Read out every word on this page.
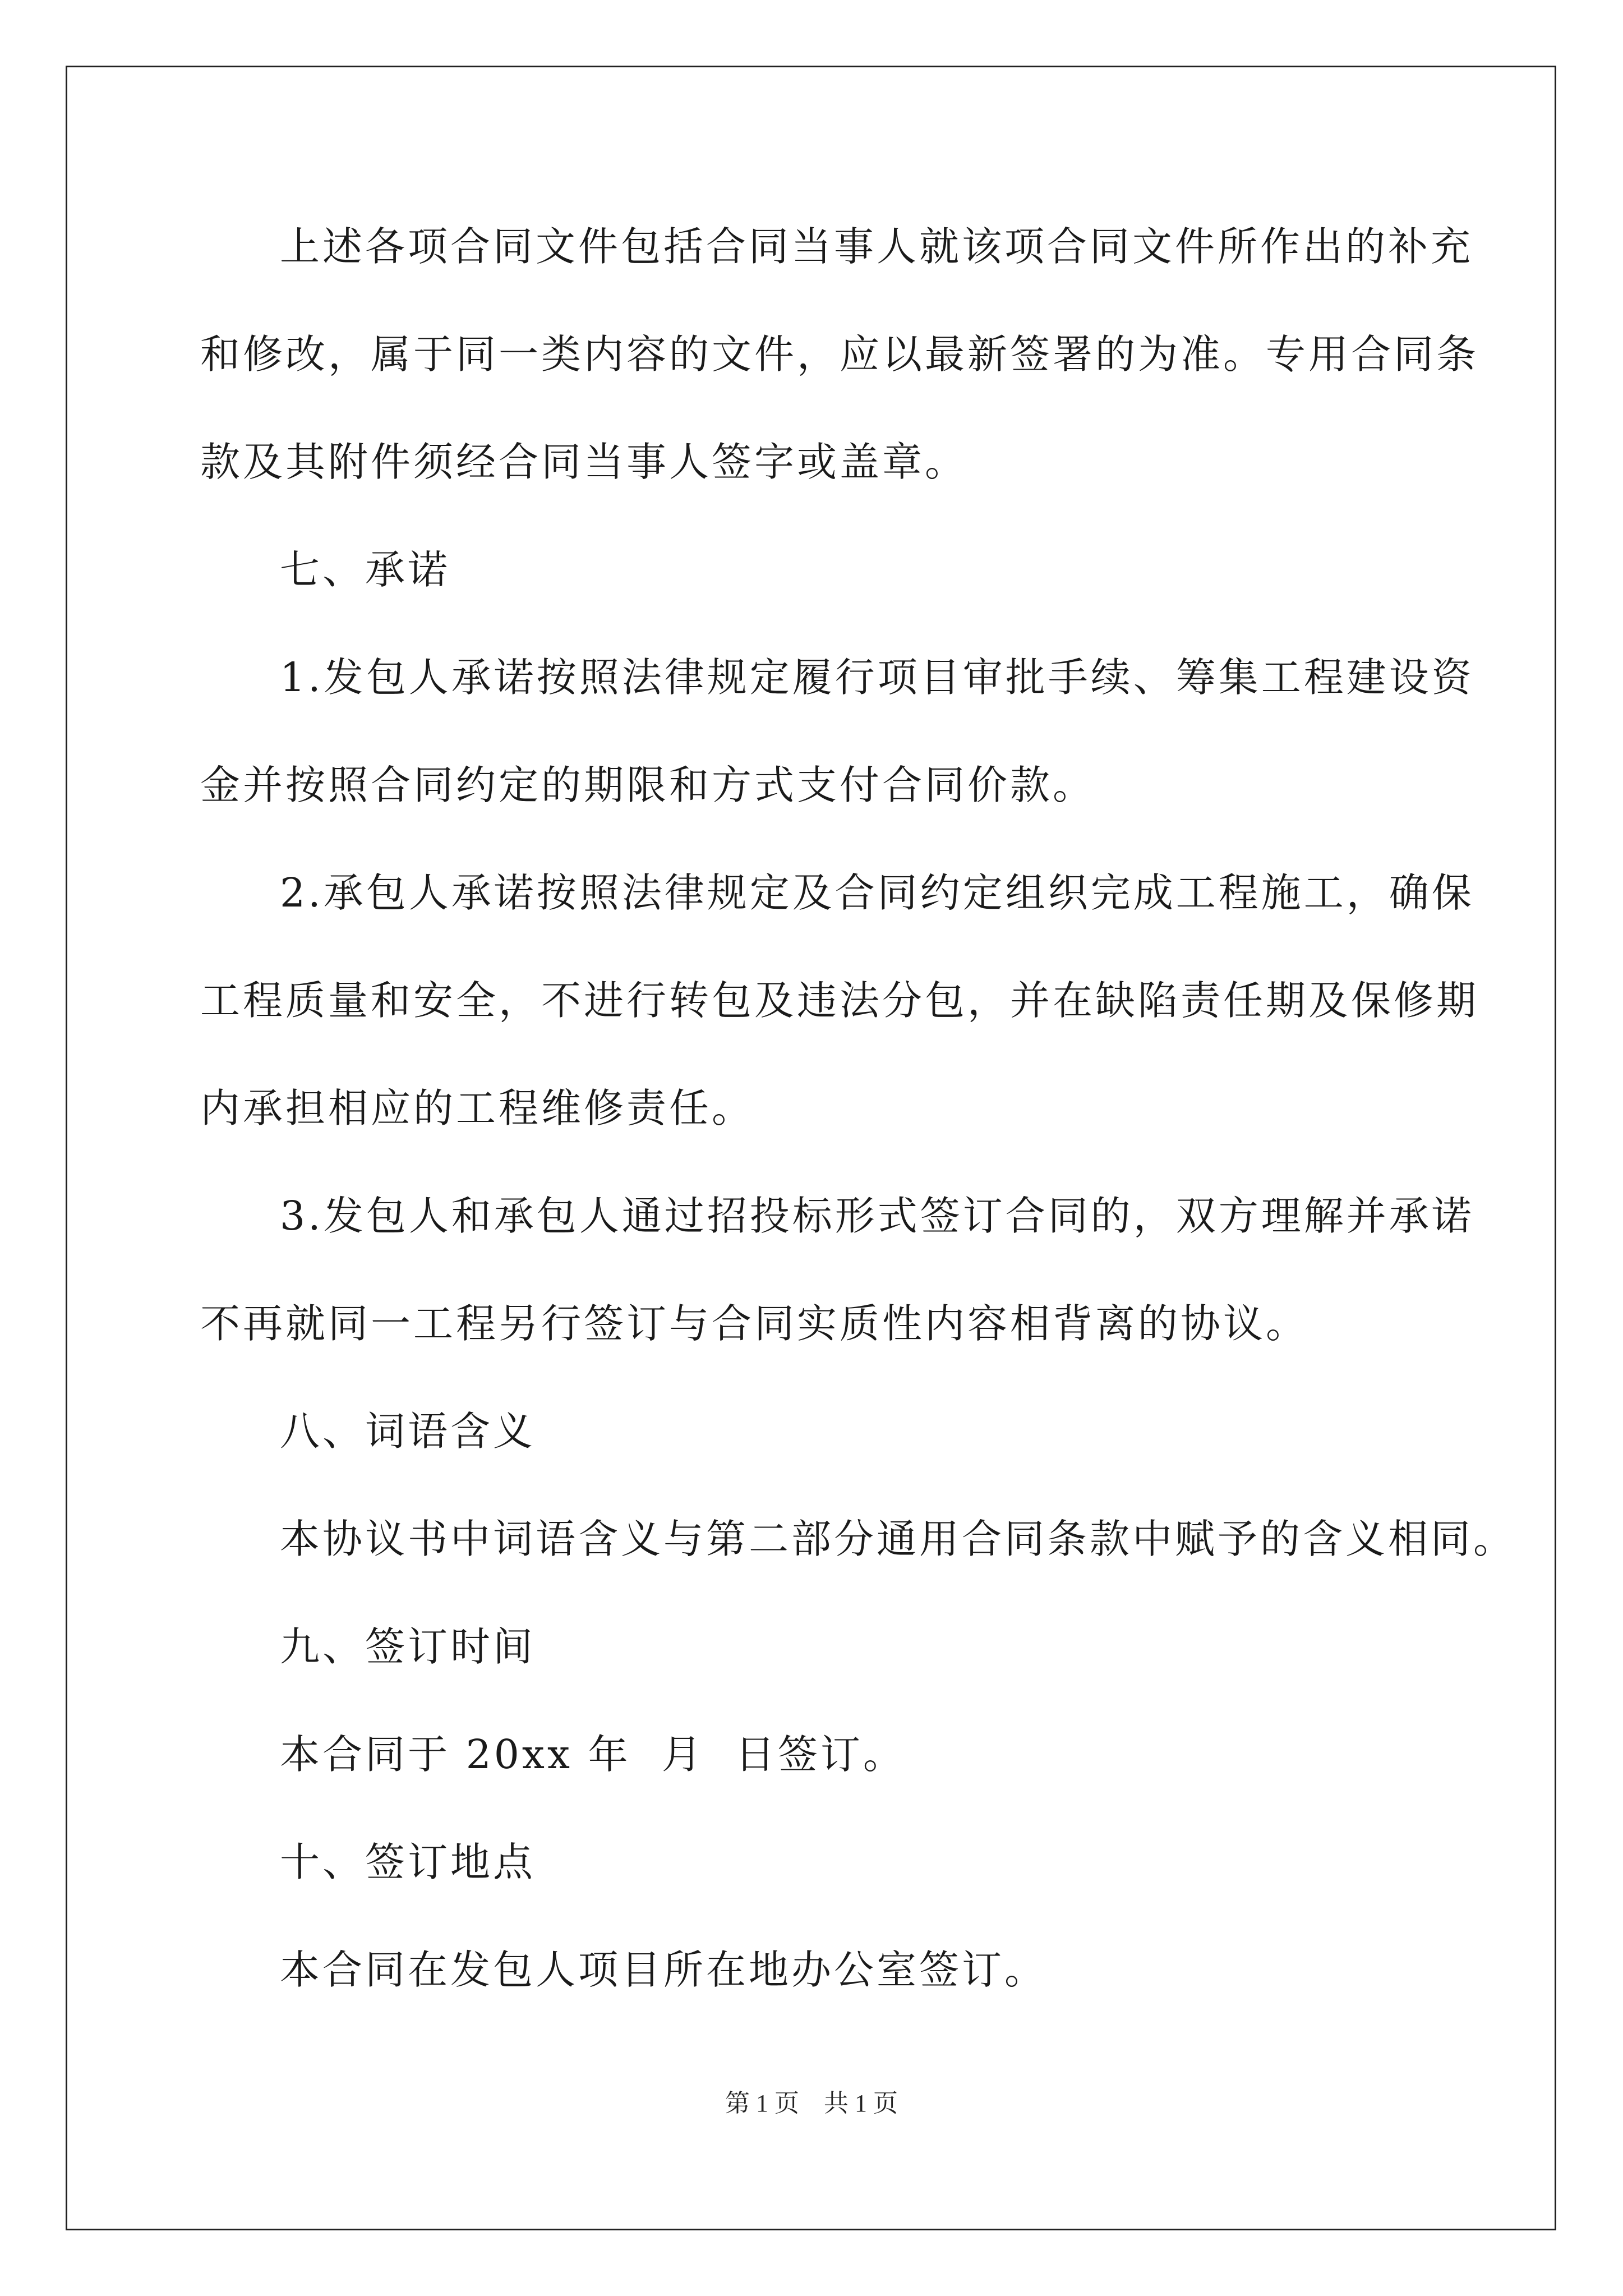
上述各项合同文件包括合同当事人就该项合同文件所作出的补充
和修改，属于同一类内容的文件，应以最新签署的为准。专用合同条
款及其附件须经合同当事人签字或盖章。
七、承诺
1.发包人承诺按照法律规定履行项目审批手续、筹集工程建设资
金并按照合同约定的期限和方式支付合同价款。
2.承包人承诺按照法律规定及合同约定组织完成工程施工，确保
工程质量和安全，不进行转包及违法分包，并在缺陷责任期及保修期
内承担相应的工程维修责任。
3.发包人和承包人通过招投标形式签订合同的，双方理解并承诺
不再就同一工程另行签订与合同实质性内容相背离的协议。
八、词语含义
本协议书中词语含义与第二部分通用合同条款中赋予的含义相同。
九、签订时间
本合同于 20xx 年  月  日签订。
十、签订地点
本合同在发包人项目所在地办公室签订。
第 1 页    共 1 页
